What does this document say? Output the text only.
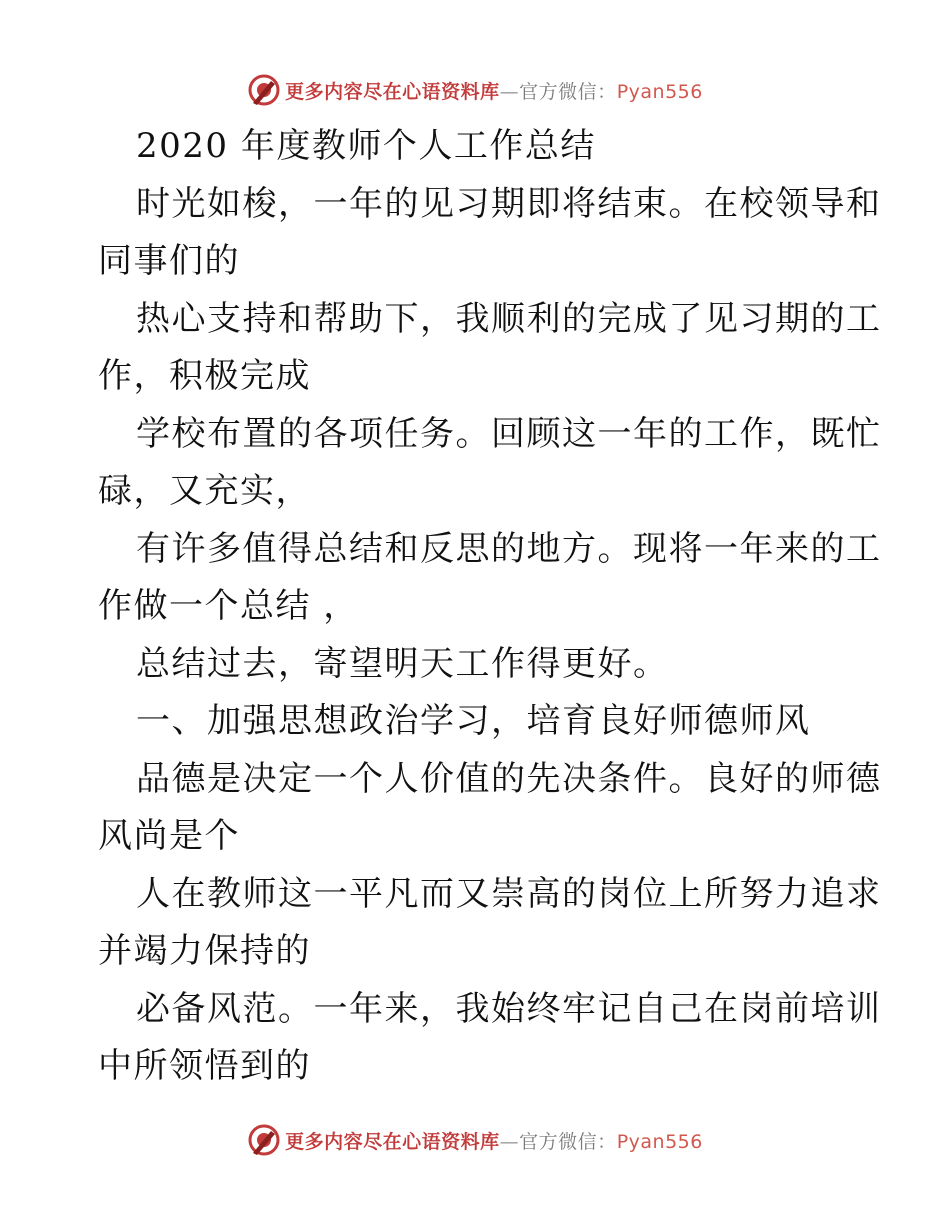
更多内容尽在心语资料库—官方微信：Pyan556
2020 年度教师个人工作总结
时光如梭，一年的见习期即将结束。在校领导和
同事们的
热心支持和帮助下，我顺利的完成了见习期的工
作，积极完成
学校布置的各项任务。回顾这一年的工作，既忙
碌，又充实，
有许多值得总结和反思的地方。现将一年来的工
作做一个总结 ，
总结过去，寄望明天工作得更好。
一、加强思想政治学习，培育良好师德师风
品德是决定一个人价值的先决条件。良好的师德
风尚是个
人在教师这一平凡而又崇高的岗位上所努力追求
并竭力保持的
必备风范。一年来，我始终牢记自己在岗前培训
中所领悟到的
更多内容尽在心语资料库—官方微信：Pyan556
